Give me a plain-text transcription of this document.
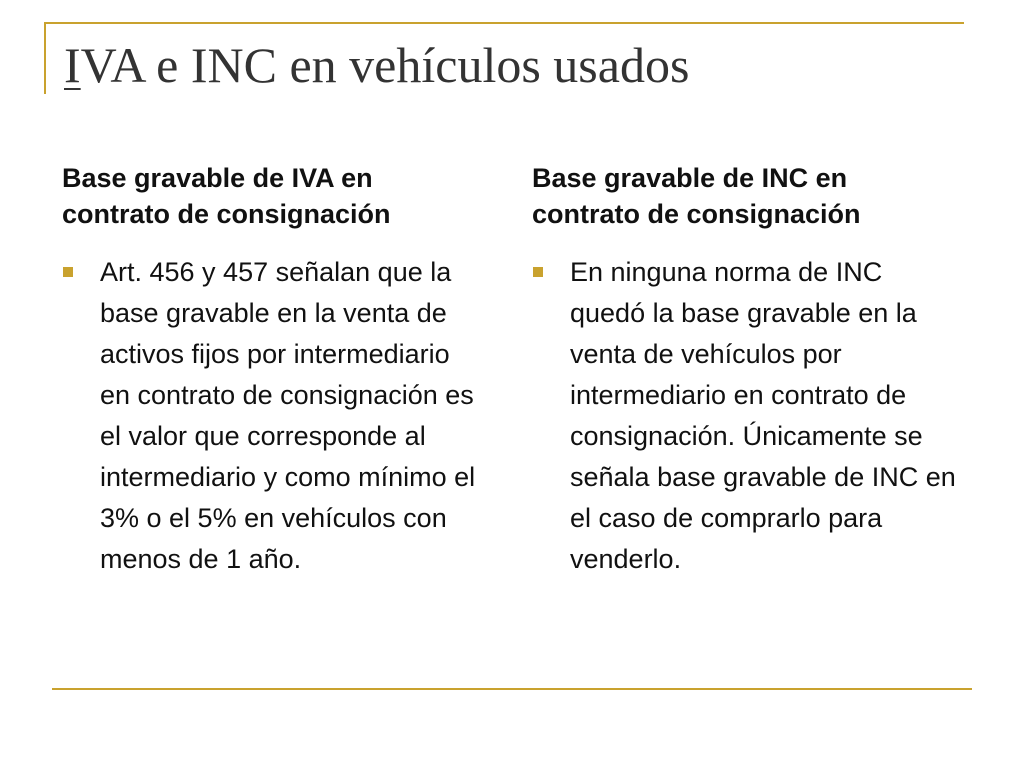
IVA e INC en vehículos usados
Base gravable de IVA en contrato de consignación
Art. 456 y 457 señalan que la base gravable en la venta de activos fijos por intermediario en contrato de consignación es el valor que corresponde al intermediario y como mínimo el 3% o el 5% en vehículos con menos de 1 año.
Base gravable de INC en contrato de consignación
En ninguna norma de INC quedó la base gravable en la venta de vehículos por intermediario en contrato de consignación. Únicamente se señala base gravable de INC en el caso de comprarlo para venderlo.
